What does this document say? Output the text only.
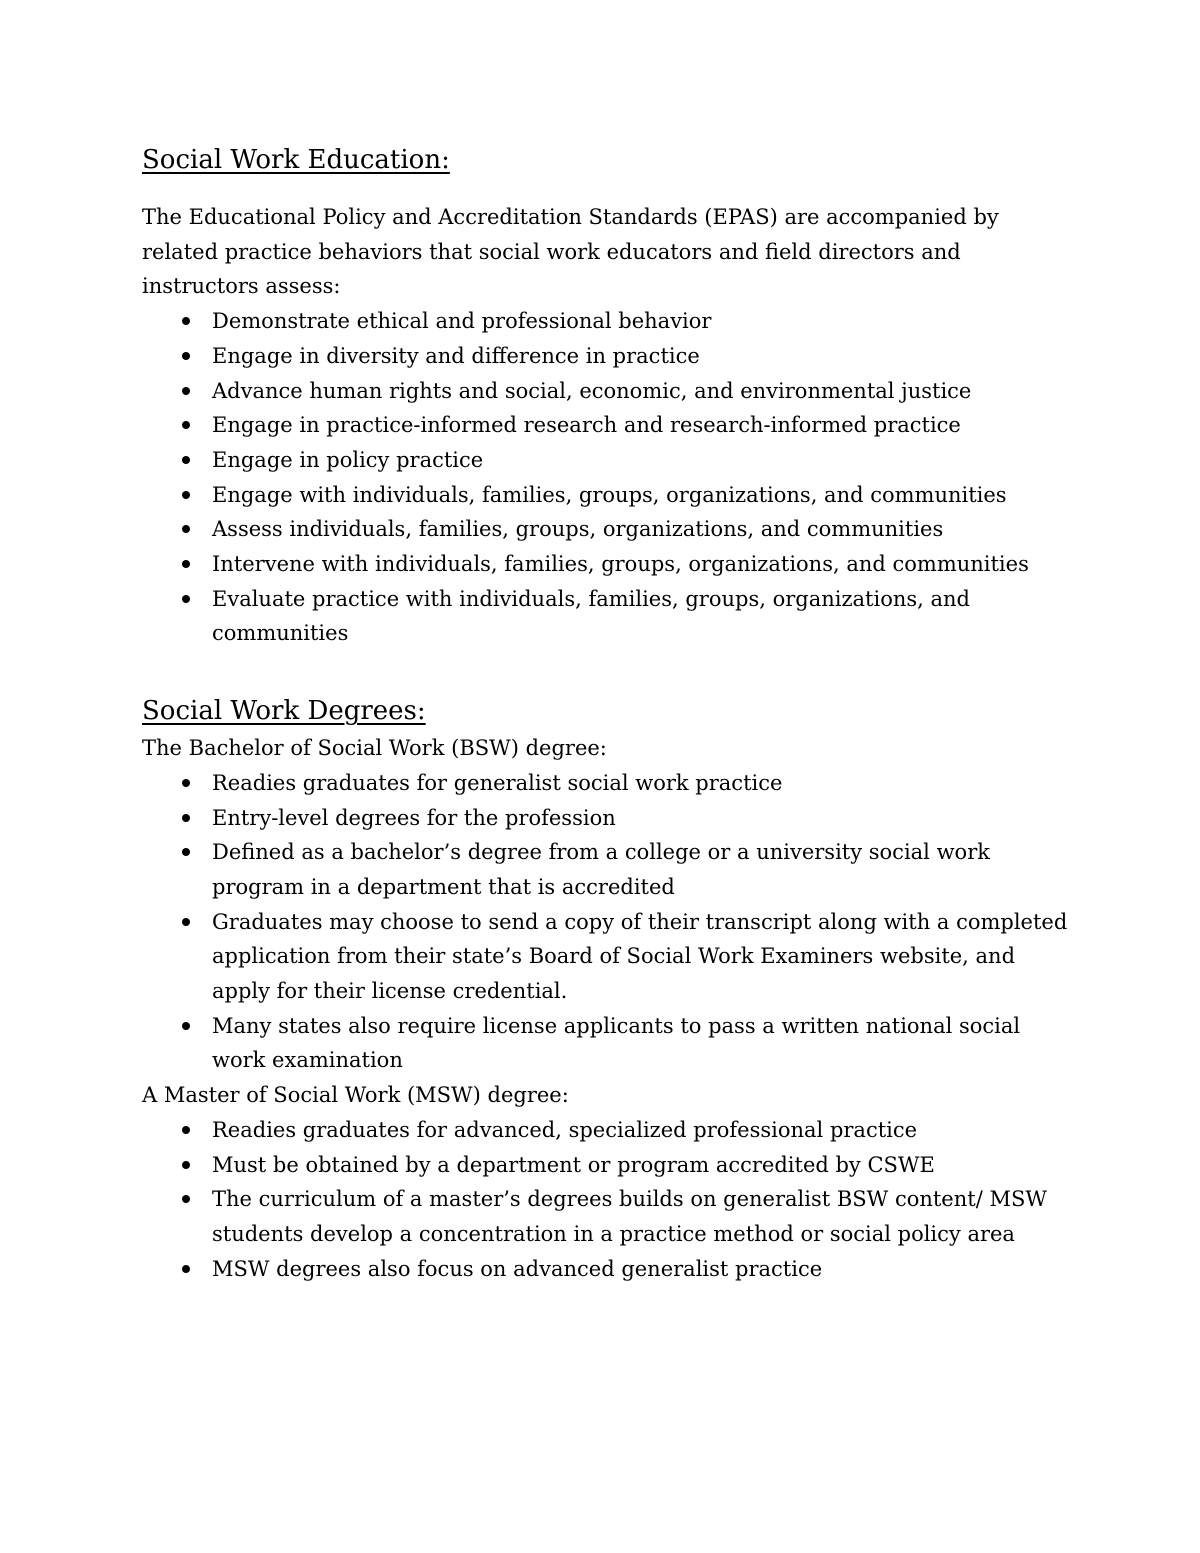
Social Work Education:

The Educational Policy and Accreditation Standards (EPAS) are accompanied by related practice behaviors that social work educators and field directors and instructors assess:

Demonstrate ethical and professional behavior
Engage in diversity and difference in practice
Advance human rights and social, economic, and environmental justice
Engage in practice-informed research and research-informed practice
Engage in policy practice
Engage with individuals, families, groups, organizations, and communities
Assess individuals, families, groups, organizations, and communities
Intervene with individuals, families, groups, organizations, and communities
Evaluate practice with individuals, families, groups, organizations, and communities
Social Work Degrees:

The Bachelor of Social Work (BSW) degree:

Readies graduates for generalist social work practice
Entry-level degrees for the profession
Defined as a bachelor’s degree from a college or a university social work program in a department that is accredited
Graduates may choose to send a copy of their transcript along with a completed application from their state’s Board of Social Work Examiners website, and apply for their license credential.
Many states also require license applicants to pass a written national social work examination

A Master of Social Work (MSW) degree:

Readies graduates for advanced, specialized professional practice
Must be obtained by a department or program accredited by CSWE
The curriculum of a master’s degrees builds on generalist BSW content/ MSW students develop a concentration in a practice method or social policy area
MSW degrees also focus on advanced generalist practice
